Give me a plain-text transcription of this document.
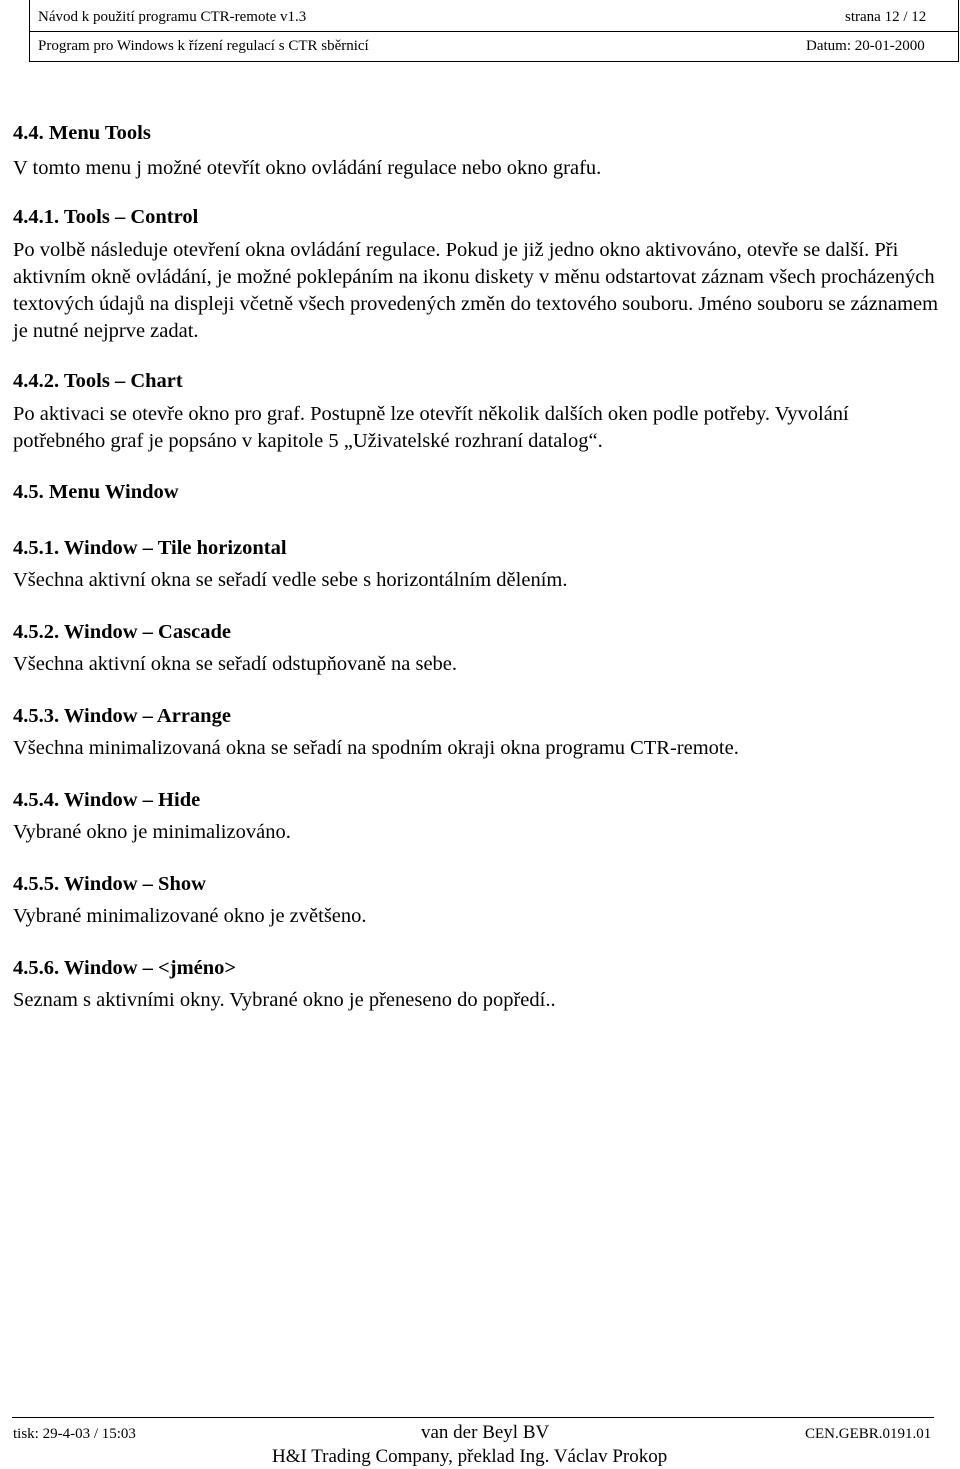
Návod k použití programu CTR-remote v1.3	strana 12 / 12
Program pro Windows k řízení regulací s CTR sběrnicí	Datum: 20-01-2000
4.4. Menu Tools
V tomto menu j možné otevřít okno ovládání regulace nebo okno grafu.
4.4.1. Tools – Control
Po volbě následuje otevření okna ovládání regulace. Pokud je již jedno okno aktivováno, otevře se další. Při aktivním okně ovládání, je možné poklepáním na ikonu diskety v měnu odstartovat záznam všech procházených textových údajů na displeji včetně všech provedených změn do textového souboru. Jméno souboru se záznamem je nutné nejprve zadat.
4.4.2. Tools – Chart
Po aktivaci se otevře okno pro graf. Postupně lze otevřít několik dalších oken podle potřeby. Vyvolání potřebného graf je popsáno v kapitole 5 „Uživatelské rozhraní datalog“.
4.5. Menu Window
4.5.1. Window – Tile horizontal
Všechna aktivní okna se seřadí vedle sebe s horizontálním dělením.
4.5.2. Window – Cascade
Všechna aktivní okna se seřadí odstupňovaně na sebe.
4.5.3. Window – Arrange
Všechna minimalizovaná okna se seřadí na spodním okraji okna programu CTR-remote.
4.5.4. Window – Hide
Vybrané okno je minimalizováno.
4.5.5. Window – Show
Vybrané minimalizované okno je zvětšeno.
4.5.6. Window – <jméno>
Seznam s aktivními okny. Vybrané okno je přeneseno do popředí..
tisk: 29-4-03 / 15:03	van der Beyl BV	CEN.GEBR.0191.01
H&I Trading Company, překlad Ing. Václav Prokop
